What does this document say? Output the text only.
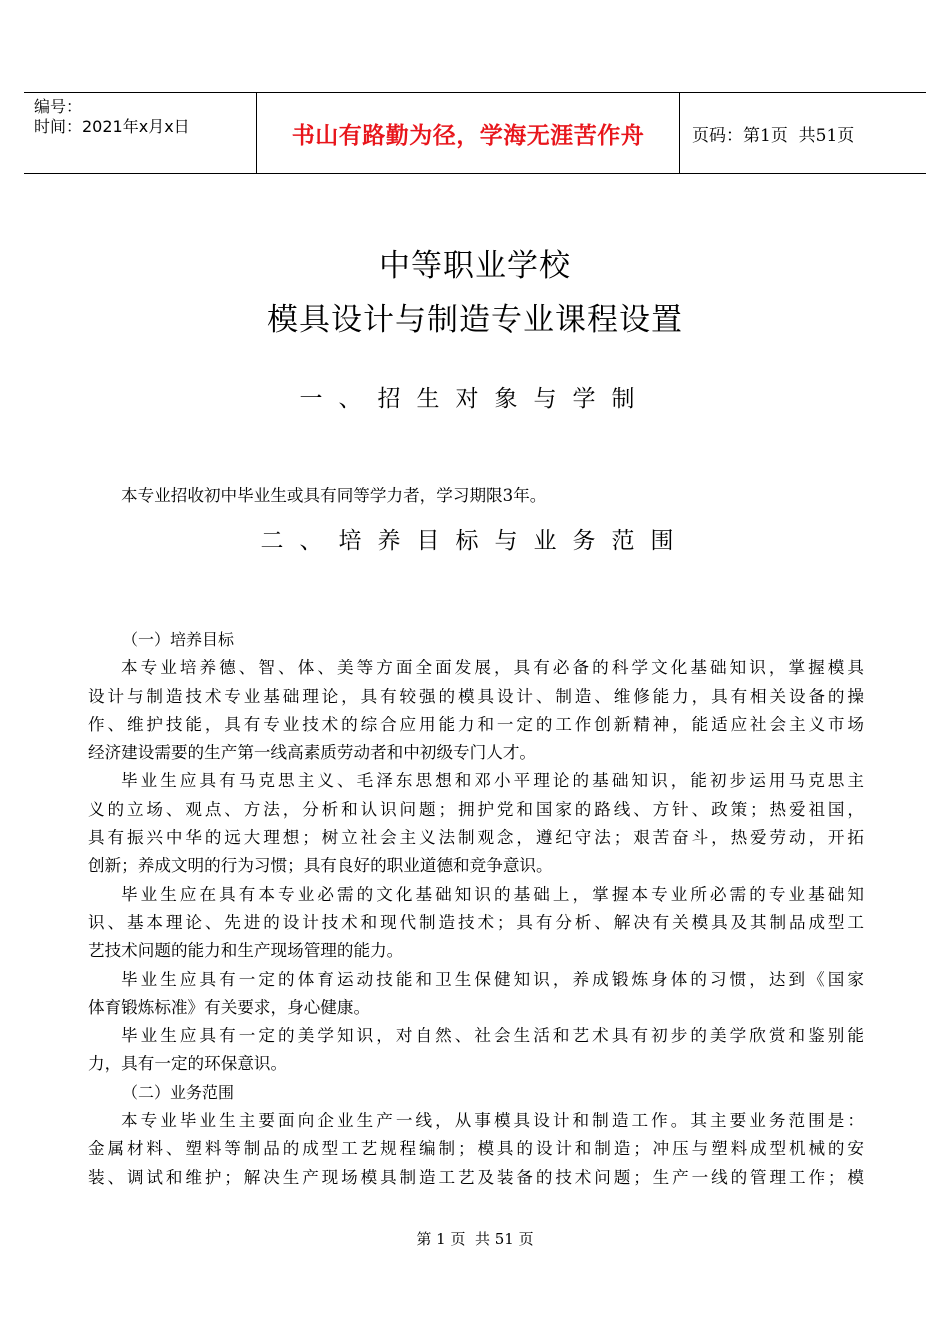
编号：
时间：2021年x月x日	书山有路勤为径，学海无涯苦作舟	页码：第1页  共51页
中等职业学校
模具设计与制造专业课程设置
一、招生对象与学制
本专业招收初中毕业生或具有同等学力者，学习期限3年。
二、培养目标与业务范围
（一）培养目标
本专业培养德、智、体、美等方面全面发展，具有必备的科学文化基础知识，掌握模具
设计与制造技术专业基础理论，具有较强的模具设计、制造、维修能力，具有相关设备的操
作、维护技能，具有专业技术的综合应用能力和一定的工作创新精神，能适应社会主义市场
经济建设需要的生产第一线高素质劳动者和中初级专门人才。
毕业生应具有马克思主义、毛泽东思想和邓小平理论的基础知识，能初步运用马克思主
义的立场、观点、方法，分析和认识问题；拥护党和国家的路线、方针、政策；热爱祖国，
具有振兴中华的远大理想；树立社会主义法制观念，遵纪守法；艰苦奋斗，热爱劳动，开拓
创新；养成文明的行为习惯；具有良好的职业道德和竞争意识。
毕业生应在具有本专业必需的文化基础知识的基础上，掌握本专业所必需的专业基础知
识、基本理论、先进的设计技术和现代制造技术；具有分析、解决有关模具及其制品成型工
艺技术问题的能力和生产现场管理的能力。
毕业生应具有一定的体育运动技能和卫生保健知识，养成锻炼身体的习惯，达到《国家
体育锻炼标准》有关要求，身心健康。
毕业生应具有一定的美学知识，对自然、社会生活和艺术具有初步的美学欣赏和鉴别能
力，具有一定的环保意识。
（二）业务范围
本专业毕业生主要面向企业生产一线，从事模具设计和制造工作。其主要业务范围是：
金属材料、塑料等制品的成型工艺规程编制；模具的设计和制造；冲压与塑料成型机械的安
装、调试和维护；解决生产现场模具制造工艺及装备的技术问题；生产一线的管理工作；模
第 1 页  共 51 页
